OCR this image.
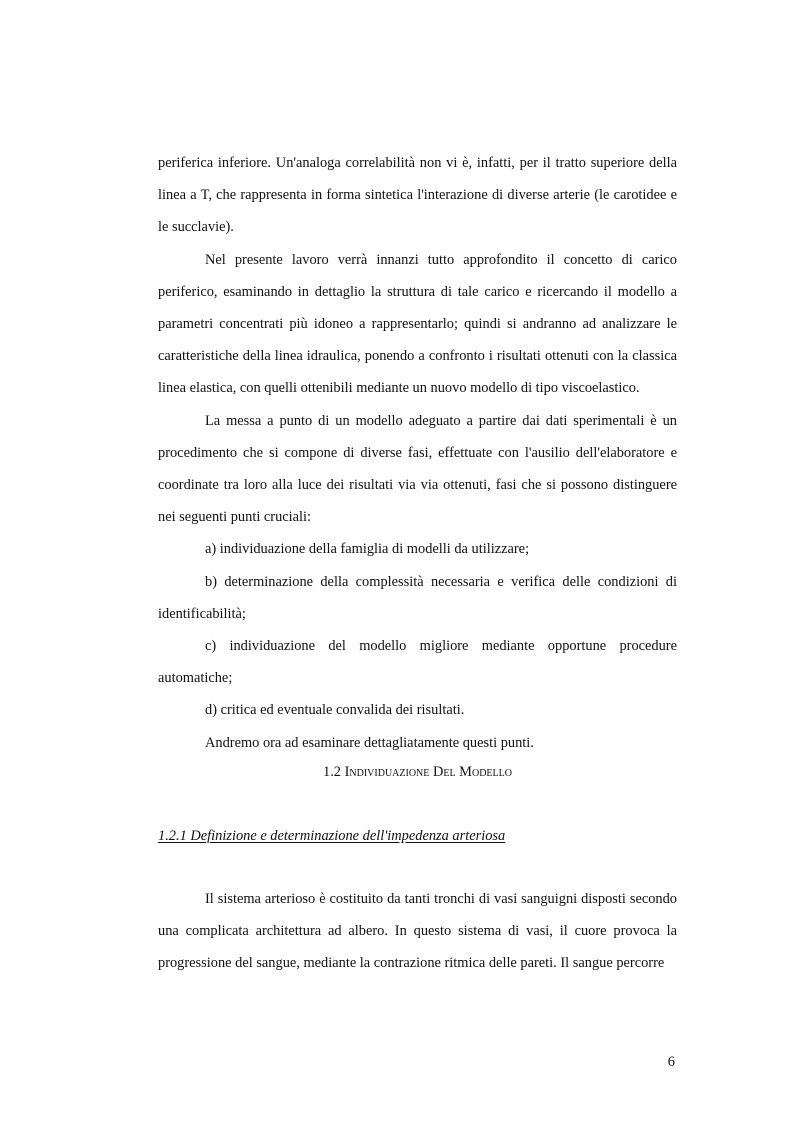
periferica inferiore. Un'analoga correlabilità non vi è, infatti, per il tratto superiore della linea a T, che rappresenta in forma sintetica l'interazione di diverse arterie (le carotidee e le succlavie).

Nel presente lavoro verrà innanzi tutto approfondito il concetto di carico periferico, esaminando in dettaglio la struttura di tale carico e ricercando il modello a parametri concentrati più idoneo a rappresentarlo; quindi si andranno ad analizzare le caratteristiche della linea idraulica, ponendo a confronto i risultati ottenuti con la classica linea elastica, con quelli ottenibili mediante un nuovo modello di tipo viscoelastico.

La messa a punto di un modello adeguato a partire dai dati sperimentali è un procedimento che si compone di diverse fasi, effettuate con l'ausilio dell'elaboratore e coordinate tra loro alla luce dei risultati via via ottenuti, fasi che si possono distinguere nei seguenti punti cruciali:

a) individuazione della famiglia di modelli da utilizzare;

b) determinazione della complessità necessaria e verifica delle condizioni di identificabilità;

c) individuazione del modello migliore mediante opportune procedure automatiche;

d) critica ed eventuale convalida dei risultati.

Andremo ora ad esaminare dettagliatamente questi punti.

1.2 Individuazione Del Modello
1.2.1 Definizione e determinazione dell'impedenza arteriosa

Il sistema arterioso è costituito da tanti tronchi di vasi sanguigni disposti secondo una complicata architettura ad albero. In questo sistema di vasi, il cuore provoca la progressione del sangue, mediante la contrazione ritmica delle pareti. Il sangue percorre

6
